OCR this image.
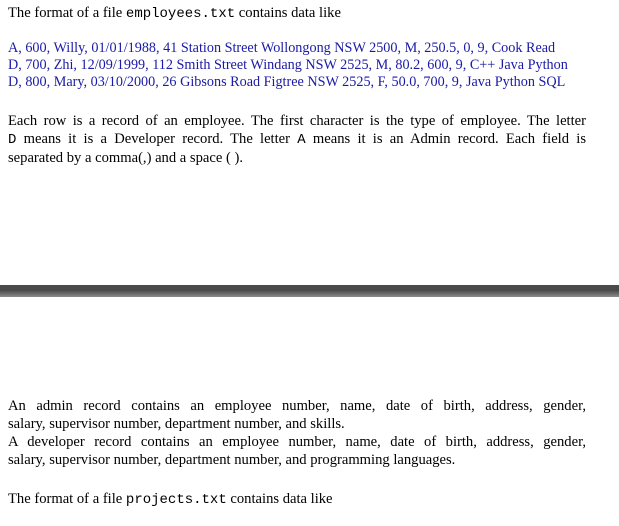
The format of a file employees.txt contains data like

A, 600, Willy, 01/01/1988, 41 Station Street Wollongong NSW 2500, M, 250.5, 0, 9, Cook Read
D, 700, Zhi, 12/09/1999, 112 Smith Street Windang NSW 2525, M, 80.2, 600, 9, C++ Java Python
D, 800, Mary, 03/10/2000, 26 Gibsons Road Figtree NSW 2525, F, 50.0, 700, 9, Java Python SQL
Each row is a record of an employee. The first character is the type of employee. The letter
D means it is a Developer record. The letter A means it is an Admin record. Each field is
separated by a comma(,) and a space ( ).
An admin record contains an employee number, name, date of birth, address, gender,
salary, supervisor number, department number, and skills.
A developer record contains an employee number, name, date of birth, address, gender,
salary, supervisor number, department number, and programming languages.

The format of a file projects.txt contains data like
